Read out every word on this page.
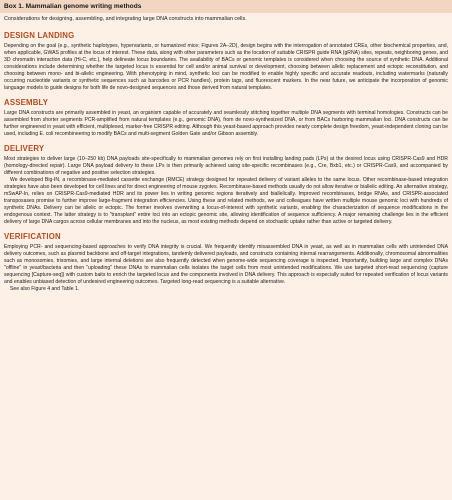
Box 1. Mammalian genome writing methods
Considerations for designing, assembling, and integrating large DNA constructs into mammalian cells.
DESIGN LANDING

Depending on the goal (e.g., synthetic haplotypes, hypervariants, or humanized mice; Figures 2A–2D), design begins with the interrogation of annotated CREs, other biochemical properties, and, when applicable, GWAS profiles at the locus of interest. These data, along with other parameters such as the location of suitable CRISPR guide RNA (gRNA) sites, repeats, neighboring genes, and 3D chromatin interaction data (Hi-C, etc.), help delineate locus boundaries. The availability of BACs or genomic templates is considered when choosing the source of synthetic DNA. Additional considerations include determining whether the targeted locus is essential for cell and/or animal survival or development, choosing between allelic replacement and ectopic reconstitution, and choosing between mono- and bi-allelic engineering. With phenotyping in mind, synthetic loci can be modified to enable highly specific and accurate readouts, including watermarks (naturally occurring nucleotide variants or synthetic sequences such as barcodes or PCR handles), protein tags, and fluorescent markers. In the near future, we anticipate the incorporation of genomic language models to guide designs for both life de novo-designed sequences and those derived from natural templates.

ASSEMBLY

Large DNA constructs are primarily assembled in yeast, an organism capable of accurately and seamlessly stitching together multiple DNA segments with terminal homologies. Constructs can be assembled from shorter segments PCR-amplified from natural templates (e.g., genomic DNA), from de novo-synthesized DNA, or from BACs harboring mammalian loci. DNA constructs can be further engineered in yeast with efficient, multiplexed, marker-free CRISPR editing. Although this yeast-based approach provides nearly complete design freedom, yeast-independent cloning can be used, including E. coli recombineering to modify BACs and multi-segment Golden Gate and/or Gibson assembly.

DELIVERY

Most strategies to deliver large (10–250 kb) DNA payloads site-specifically to mammalian genomes rely on first installing landing pads (LPs) at the desired locus using CRISPR-Cas9 and HDR (homology-directed repair). Large DNA payload delivery to these LPs is then primarily achieved using site-specific recombinases (e.g., Cre, Bxb1, etc.) or CRISPR-Cas9, and accompanied by different combinations of negative and positive selection strategies.

We developed Big-IN, a recombinase-mediated cassette exchange (RMCE) strategy designed for repeated delivery of variant alleles to the same locus. Other recombinase-based integration strategies have also been developed for cell lines and for direct engineering of mouse zygotes. Recombinase-based methods usually do not allow iterative or biallelic editing. An alternative strategy, mSwAP-In, relies on CRISPR-Cas9-mediated HDR and its power lies in writing genomic regions iteratively and biallelically. Improved recombinases, bridge RNAs, and CRISPR-associated transposases promise to further improve large-fragment integration efficiencies. Using these and related methods, we and colleagues have written multiple mouse genomic loci with hundreds of synthetic DNAs. Delivery can be allelic or ectopic. The former involves overwriting a locus-of-interest with synthetic variants, enabling the characterization of sequence modifications in the endogenous context. The latter strategy is to "transplant" entire loci into an ectopic genomic site, allowing identification of sequence sufficiency. A major remaining challenge lies in the efficient delivery of large DNA cargos across cellular membranes and into the nucleus, as most existing methods depend on stochastic uptake rather than active or targeted delivery.

VERIFICATION

Employing PCR- and sequencing-based approaches to verify DNA integrity is crucial. We frequently identify misassembled DNA in yeast, as well as in mammalian cells with unintended DNA delivery outcomes, such as plasmid backbone and off-target integrations, tandemly delivered payloads, and constructs containing internal rearrangements. Additionally, chromosomal abnormalities such as monosomies, trisomies, and large internal deletions are also frequently detected when genome-wide sequencing coverage is inspected. Importantly, building large and complex DNAs "offline" in yeast/bacteria and then "uploading" these DNAs to mammalian cells isolates the target cells from most unintended modifications. We use targeted short-read sequencing (capture sequencing [Capture-seq]) with custom baits to enrich the targeted locus and the components involved in DNA delivery. This approach is especially suited for repeated verification of locus variants and enables unbiased detection of undesired engineering outcomes. Targeted long-read sequencing is a suitable alternative.

See also Figure 4 and Table 1.
